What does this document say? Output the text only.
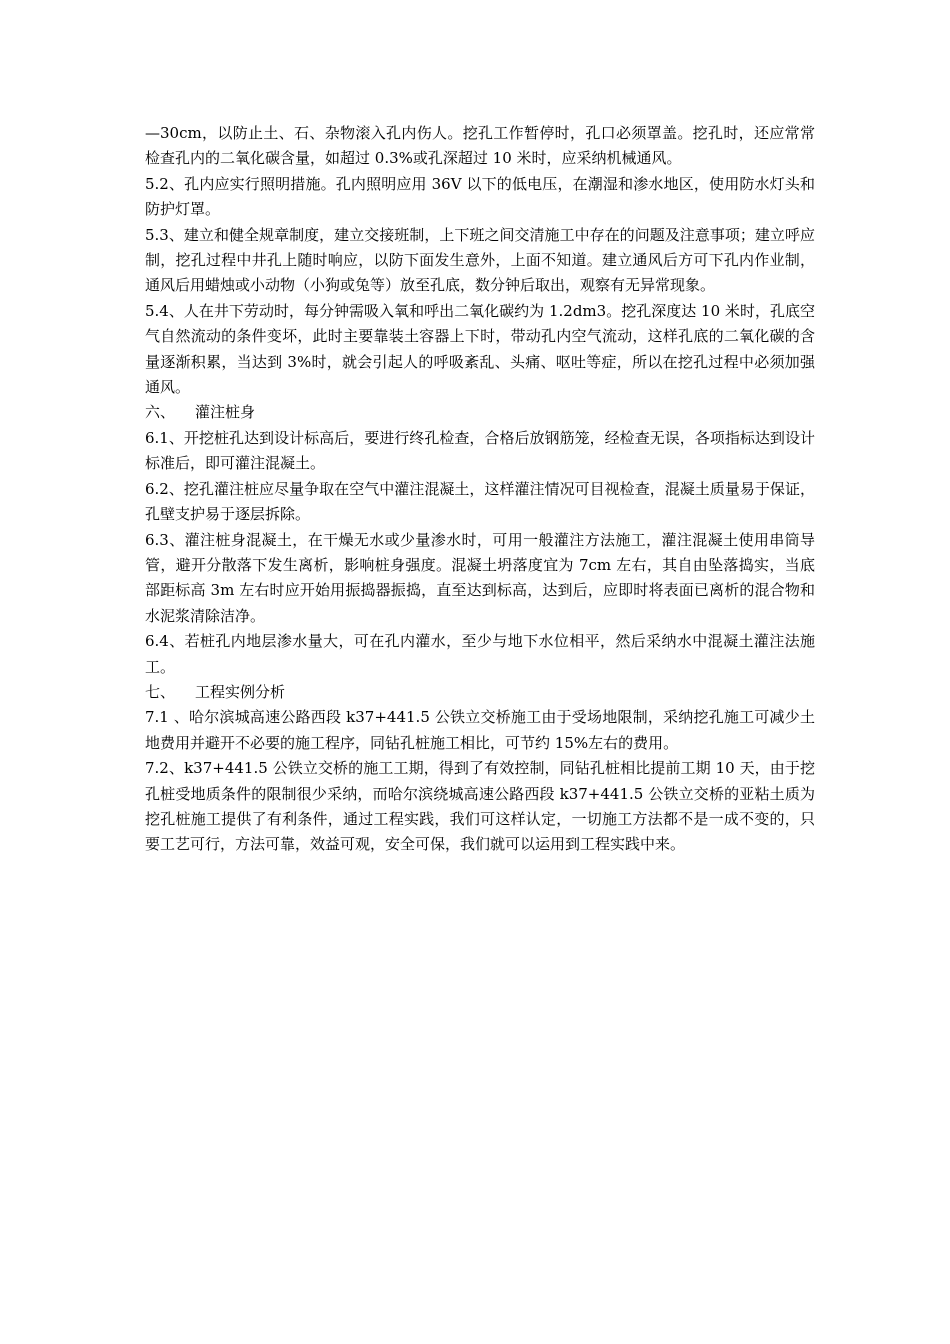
—30cm，以防止土、石、杂物滚入孔内伤人。挖孔工作暂停时，孔口必须罩盖。挖孔时，还应常常检查孔内的二氧化碳含量，如超过 0.3%或孔深超过 10 米时，应采纳机械通风。

5.2、孔内应实行照明措施。孔内照明应用 36V 以下的低电压，在潮湿和渗水地区，使用防水灯头和防护灯罩。

5.3、建立和健全规章制度，建立交接班制，上下班之间交清施工中存在的问题及注意事项；建立呼应制，挖孔过程中井孔上随时响应，以防下面发生意外，上面不知道。建立通风后方可下孔内作业制，通风后用蜡烛或小动物（小狗或兔等）放至孔底，数分钟后取出，观察有无异常现象。

5.4、人在井下劳动时，每分钟需吸入氧和呼出二氧化碳约为 1.2dm3。挖孔深度达 10 米时，孔底空气自然流动的条件变坏，此时主要靠装土容器上下时，带动孔内空气流动，这样孔底的二氧化碳的含量逐渐积累，当达到 3%时，就会引起人的呼吸紊乱、头痛、呕吐等症，所以在挖孔过程中必须加强通风。

六、 灌注桩身

6.1、开挖桩孔达到设计标高后，要进行终孔检查，合格后放钢筋笼，经检查无误，各项指标达到设计标准后，即可灌注混凝土。

6.2、挖孔灌注桩应尽量争取在空气中灌注混凝土，这样灌注情况可目视检查，混凝土质量易于保证，孔壁支护易于逐层拆除。

6.3、灌注桩身混凝土，在干燥无水或少量渗水时，可用一般灌注方法施工，灌注混凝土使用串筒导管，避开分散落下发生离析，影响桩身强度。混凝土坍落度宜为 7cm 左右，其自由坠落捣实，当底部距标高 3m 左右时应开始用振捣器振捣，直至达到标高，达到后，应即时将表面已离析的混合物和水泥浆清除洁净。

6.4、若桩孔内地层渗水量大，可在孔内灌水，至少与地下水位相平，然后采纳水中混凝土灌注法施工。

七、 工程实例分析

7.1 、哈尔滨城高速公路西段 k37+441.5 公铁立交桥施工由于受场地限制，采纳挖孔施工可减少土地费用并避开不必要的施工程序，同钻孔桩施工相比，可节约 15%左右的费用。

7.2、k37+441.5 公铁立交桥的施工工期，得到了有效控制，同钻孔桩相比提前工期 10 天，由于挖孔桩受地质条件的限制很少采纳，而哈尔滨绕城高速公路西段 k37+441.5 公铁立交桥的亚粘土质为挖孔桩施工提供了有利条件，通过工程实践，我们可这样认定，一切施工方法都不是一成不变的，只要工艺可行，方法可靠，效益可观，安全可保，我们就可以运用到工程实践中来。
